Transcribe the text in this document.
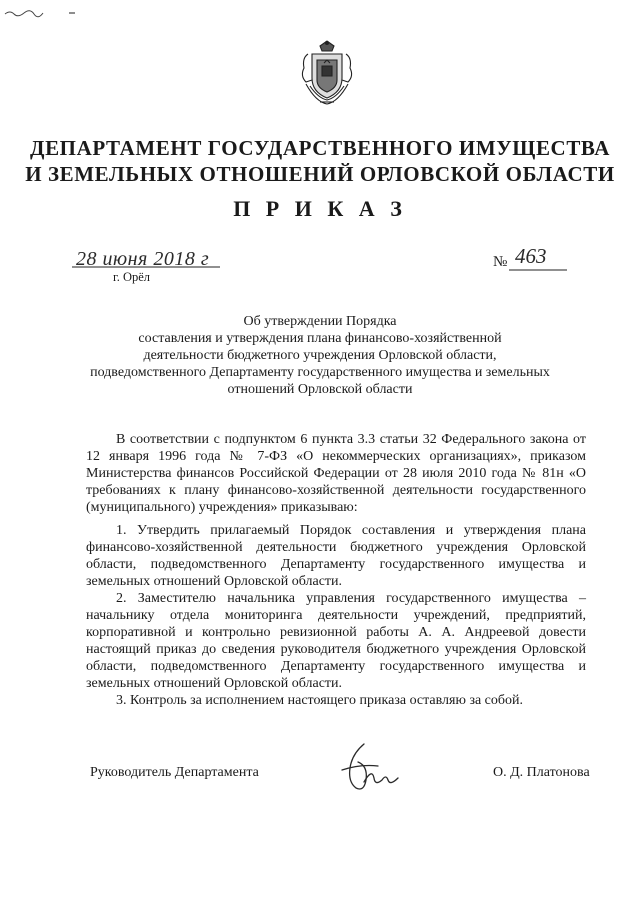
ДЕПАРТАМЕНТ ГОСУДАРСТВЕННОГО ИМУЩЕСТВА
И ЗЕМЕЛЬНЫХ ОТНОШЕНИЙ ОРЛОВСКОЙ ОБЛАСТИ
П Р И К А З
28 июня 2018 г
г. Орёл
№ 463
Об утверждении Порядка
составления и утверждения плана финансово-хозяйственной
деятельности бюджетного учреждения Орловской области,
подведомственного Департаменту государственного имущества и земельных
отношений Орловской области

В соответствии с подпунктом 6 пункта 3.3 статьи 32 Федерального закона от 12 января 1996 года № 7-ФЗ «О некоммерческих организациях», приказом Министерства финансов Российской Федерации от 28 июля 2010 года № 81н «О требованиях к плану финансово-хозяйственной деятельности государственного (муниципального) учреждения» приказываю:

1. Утвердить прилагаемый Порядок составления и утверждения плана финансово-хозяйственной деятельности бюджетного учреждения Орловской области, подведомственного Департаменту государственного имущества и земельных отношений Орловской области.

2. Заместителю начальника управления государственного имущества – начальнику отдела мониторинга деятельности учреждений, предприятий, корпоративной и контрольно ревизионной работы А. А. Андреевой довести настоящий приказ до сведения руководителя бюджетного учреждения Орловской области, подведомственного Департаменту государственного имущества и земельных отношений Орловской области.

3. Контроль за исполнением настоящего приказа оставляю за собой.

Руководитель Департамента	О. Д. Платонова
